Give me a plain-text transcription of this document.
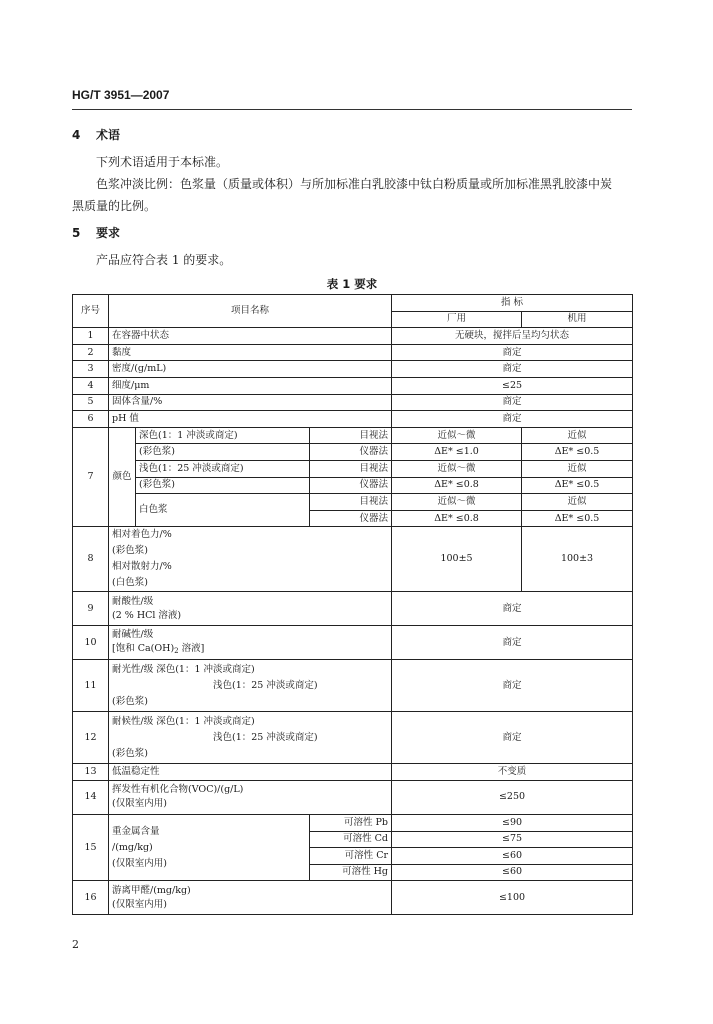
HG/T 3951—2007
4 术语
下列术语适用于本标准。
色浆冲淡比例：色浆量（质量或体积）与所加标准白乳胶漆中钛白粉质量或所加标准黑乳胶漆中炭
黑质量的比例。
5 要求
产品应符合表 1 的要求。
表 1 要求
序号	项目名称			指 标	
				厂用	机用
1	在容器中状态			无硬块，搅拌后呈均匀状态	
2	黏度			商定	
3	密度/(g/mL)			商定	
4	细度/μm			≤25	
5	固体含量/%			商定	
6	pH 值			商定	
7	颜色	深色(1：1 冲淡或商定)	目视法	近似～微	近似
		(彩色浆)	仪器法	ΔE* ≤1.0	ΔE* ≤0.5
		浅色(1：25 冲淡或商定)	目视法	近似～微	近似
		(彩色浆)	仪器法	ΔE* ≤0.8	ΔE* ≤0.5
		白色浆	目视法	近似～微	近似
			仪器法	ΔE* ≤0.8	ΔE* ≤0.5
8	相对着色力/%
(彩色浆)
相对散射力/%
(白色浆)			100±5	100±3
9	耐酸性/级
(2 % HCl 溶液)			商定	
10	耐碱性/级
[饱和 $Ca(OH)_2$ 溶液]			商定	
11	耐光性/级 深色(1：1 冲淡或商定)
浅色(1：25 冲淡或商定)
(彩色浆)			商定	
12	耐候性/级 深色(1：1 冲淡或商定)
浅色(1：25 冲淡或商定)
(彩色浆)			商定	
13	低温稳定性			不变质	
14	挥发性有机化合物(VOC)/(g/L)
(仅限室内用)			≤250	
15	重金属含量
/(mg/kg)
(仅限室内用)		可溶性 Pb	≤90	
			可溶性 Cd	≤75	
			可溶性 Cr	≤60	
			可溶性 Hg	≤60	
16	游离甲醛/(mg/kg)
(仅限室内用)			≤100	
2
